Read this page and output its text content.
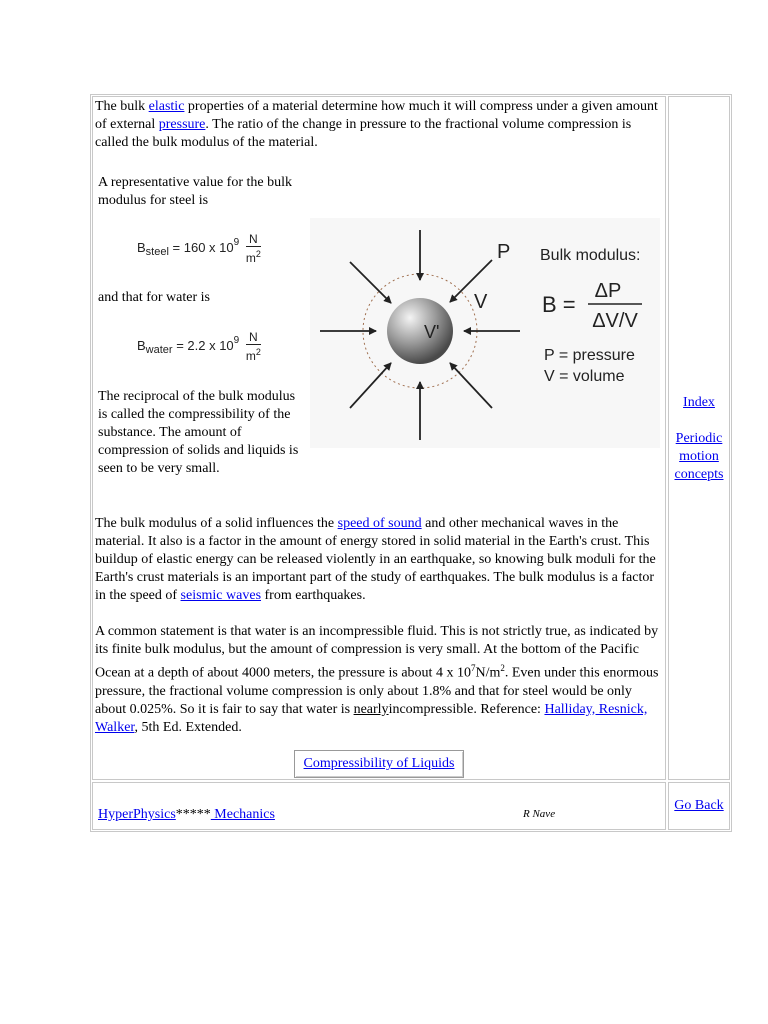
The bulk elastic properties of a material determine how much it will compress under a given amount of external pressure. The ratio of the change in pressure to the fractional volume compression is called the bulk modulus of the material.

A representative value for the bulk modulus for steel is
$B_{steel} = 160$ x $10^9 \frac{N}{m^2}$
and that for water is
$B_{water} = 2.2$ x $10^9 \frac{N}{m^2}$
The reciprocal of the bulk modulus is called the compressibility of the substance. The amount of compression of solids and liquids is seen to be very small.
P
V
V'
Bulk modulus:
B =
ΔP
ΔV/V
P = pressure
V = volume

The bulk modulus of a solid influences the speed of sound and other mechanical waves in the material. It also is a factor in the amount of energy stored in solid material in the Earth's crust. This buildup of elastic energy can be released violently in an earthquake, so knowing bulk moduli for the Earth's crust materials is an important part of the study of earthquakes. The bulk modulus is a factor in the speed of seismic waves from earthquakes.

A common statement is that water is an incompressible fluid. This is not strictly true, as indicated by its finite bulk modulus, but the amount of compression is very small. At the bottom of the Pacific Ocean at a depth of about 4000 meters, the pressure is about 4 x $10^7N/m^2$. Even under this enormous pressure, the fractional volume compression is only about 1.8% and that for steel would be only about 0.025%. So it is fair to say that water is nearlyincompressible. Reference: Halliday, Resnick, Walker, 5th Ed. Extended.

Compressibility of Liquids
Index
Periodic
motion
concepts
HyperPhysics***** Mechanics	R Nave
Go Back
